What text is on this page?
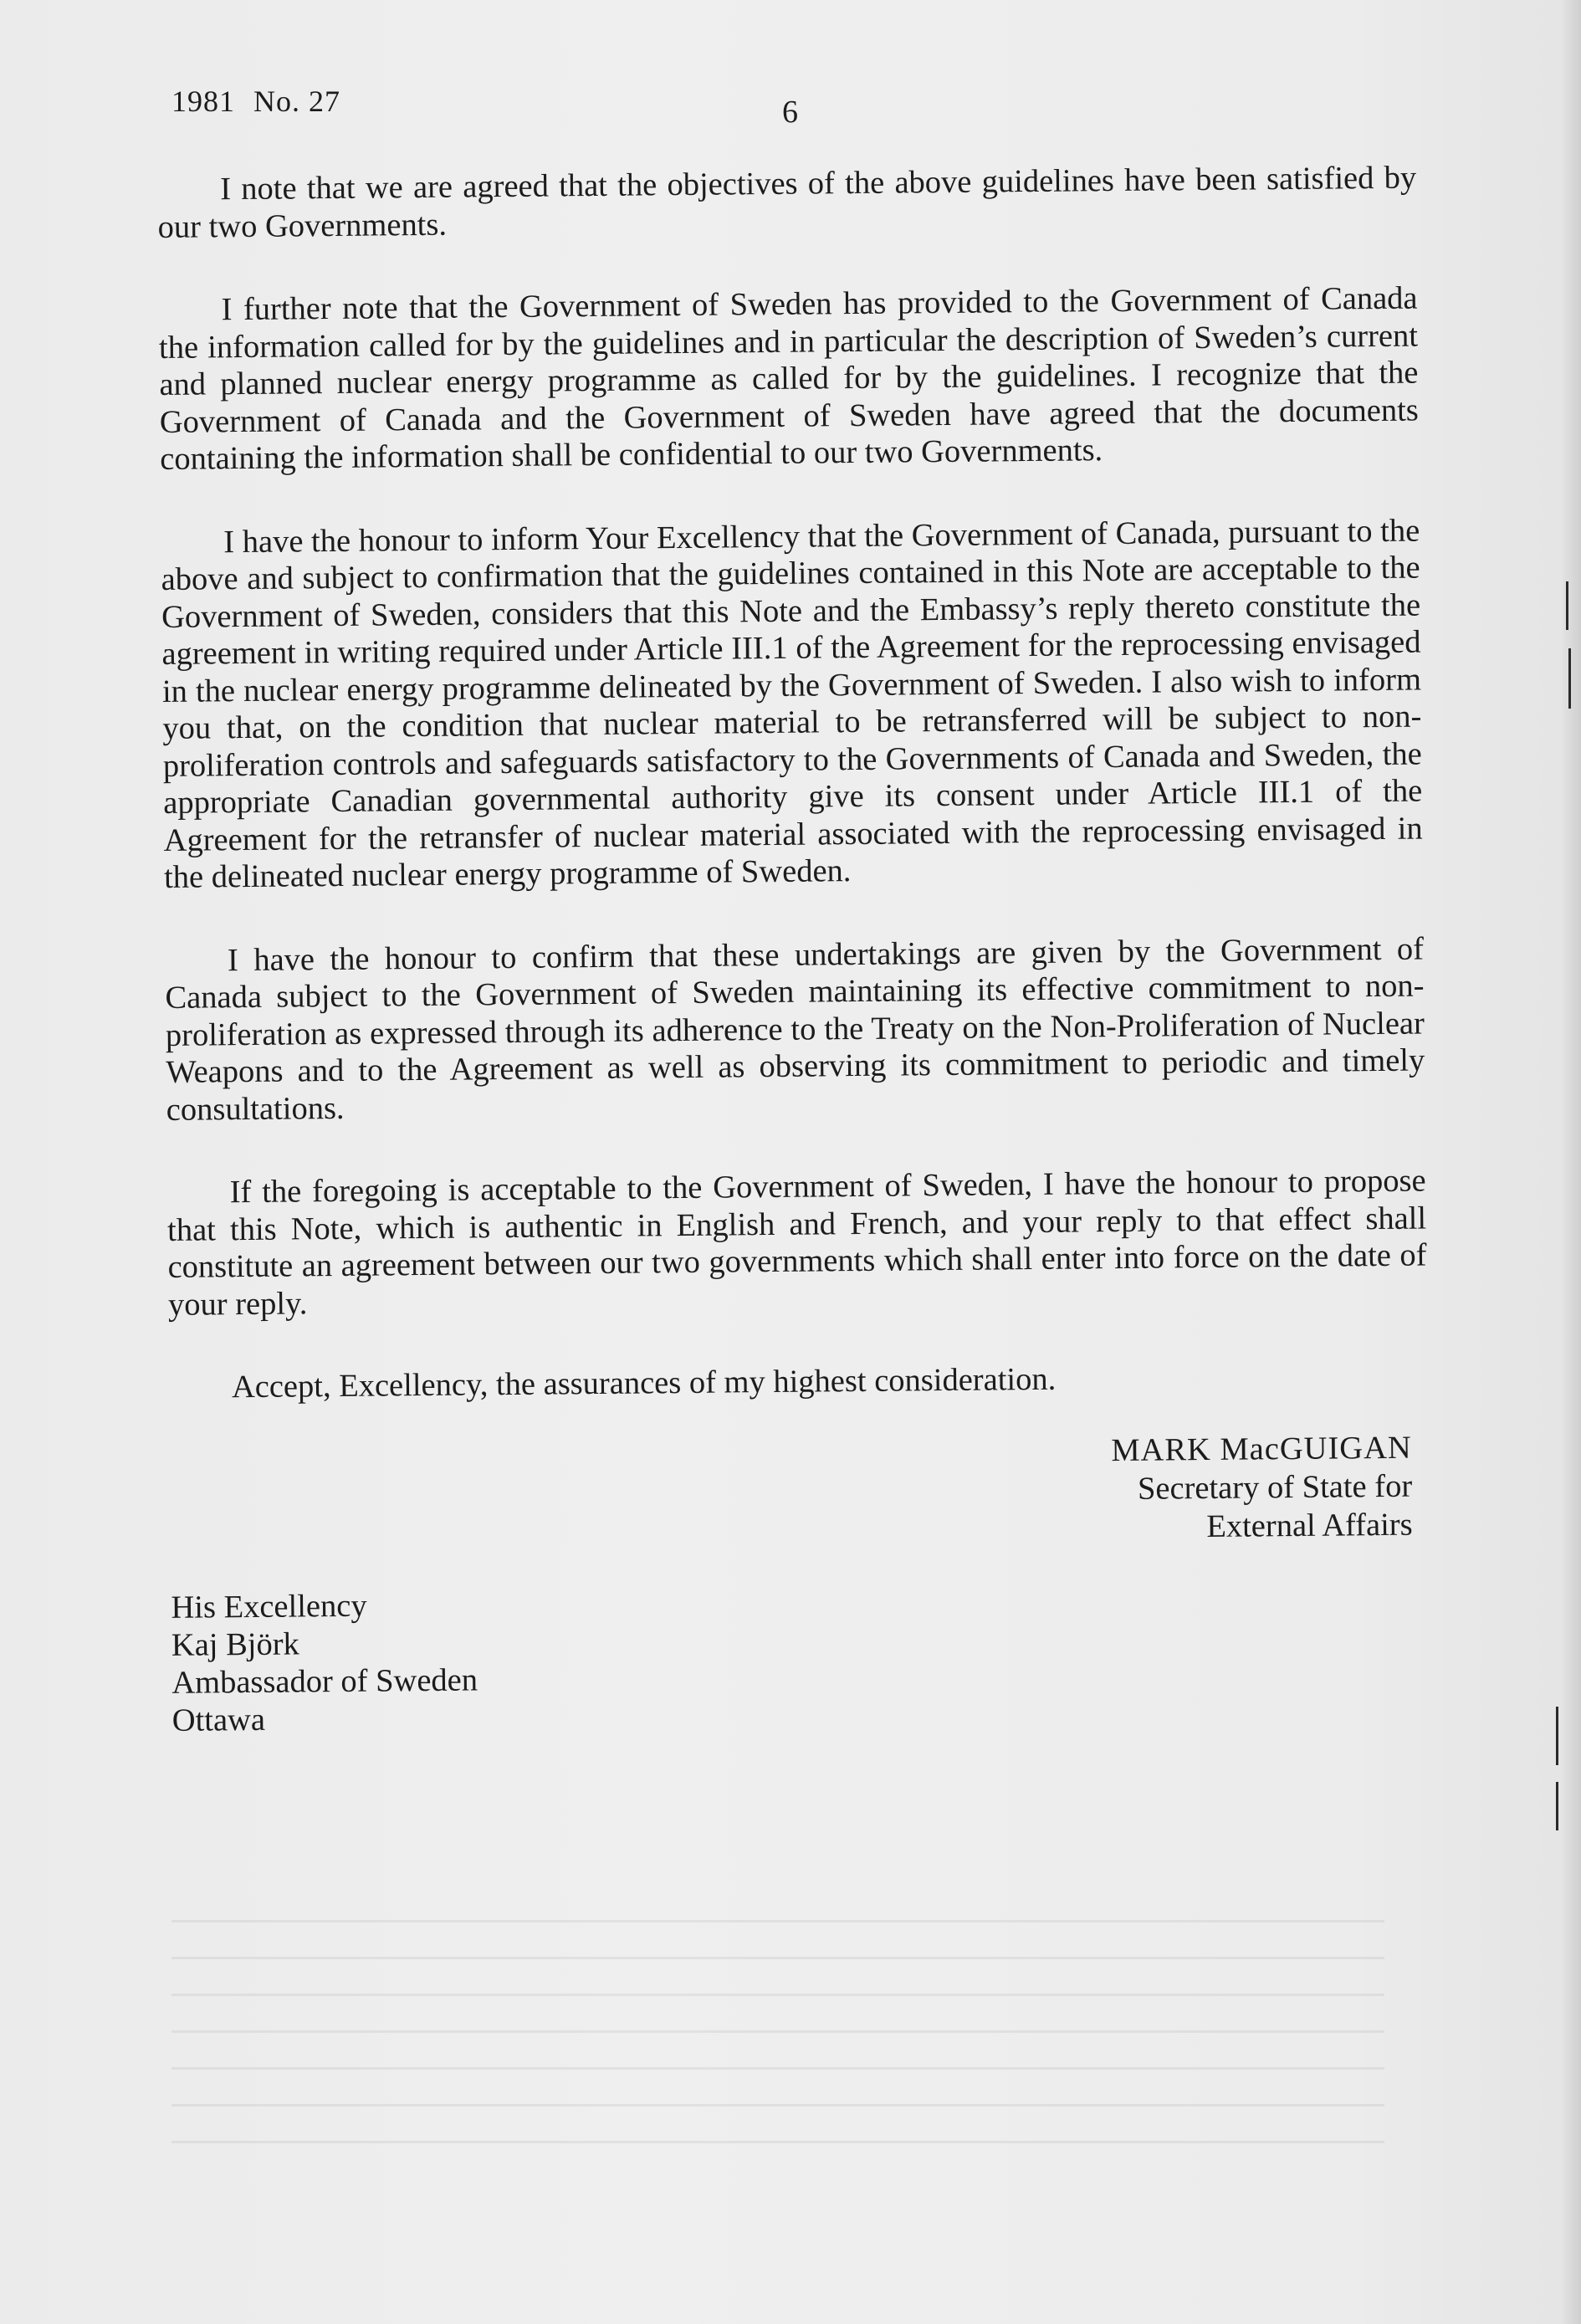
1981 No. 27	6

I note that we are agreed that the objectives of the above guidelines have been satisfied by our two Governments.

I further note that the Government of Sweden has provided to the Government of Canada the information called for by the guidelines and in particular the description of Sweden’s current and planned nuclear energy programme as called for by the guidelines. I recognize that the Government of Canada and the Government of Sweden have agreed that the documents containing the information shall be confidential to our two Governments.

I have the honour to inform Your Excellency that the Government of Canada, pursuant to the above and subject to confirmation that the guidelines contained in this Note are acceptable to the Government of Sweden, considers that this Note and the Embassy’s reply thereto constitute the agreement in writing required under Article III.1 of the Agreement for the reprocessing envisaged in the nuclear energy programme delineated by the Government of Sweden. I also wish to inform you that, on the condition that nuclear material to be retransferred will be subject to non-proliferation controls and safeguards satisfactory to the Governments of Canada and Sweden, the appropriate Canadian governmental authority give its consent under Article III.1 of the Agreement for the retransfer of nuclear material associated with the reprocessing envisaged in the delineated nuclear energy programme of Sweden.

I have the honour to confirm that these undertakings are given by the Government of Canada subject to the Government of Sweden maintaining its effective commitment to non-proliferation as expressed through its adherence to the Treaty on the Non-Proliferation of Nuclear Weapons and to the Agreement as well as observing its commitment to periodic and timely consultations.

If the foregoing is acceptable to the Government of Sweden, I have the honour to propose that this Note, which is authentic in English and French, and your reply to that effect shall constitute an agreement between our two governments which shall enter into force on the date of your reply.

Accept, Excellency, the assurances of my highest consideration.

MARK MacGUIGAN
Secretary of State for
External Affairs
His Excellency
Kaj Björk
Ambassador of Sweden
Ottawa
